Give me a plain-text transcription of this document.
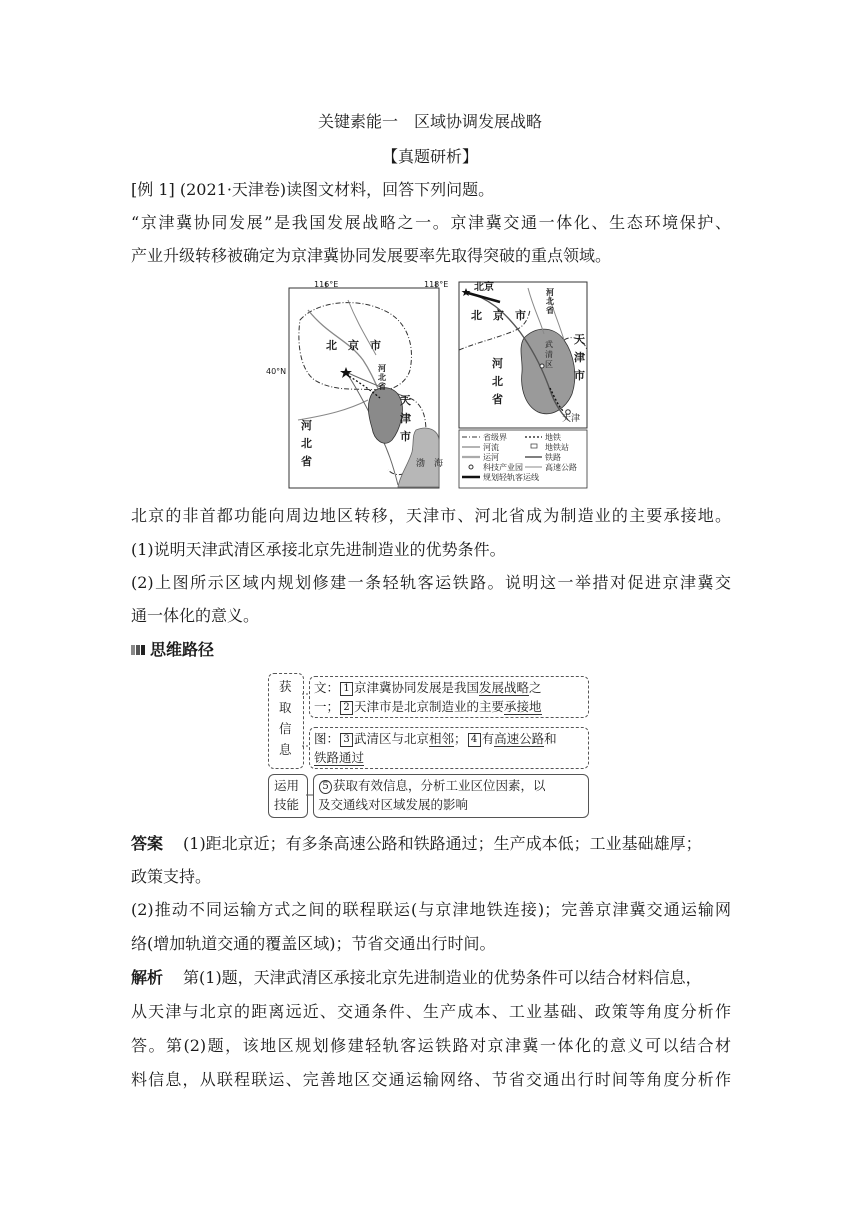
关键素能一　区域协调发展战略
【真题研析】
[例 1] (2021·天津卷)读图文材料，回答下列问题。
“京津冀协同发展”是我国发展战略之一。京津冀交通一体化、生态环境保护、
产业升级转移被确定为京津冀协同发展要率先取得突破的重点领域。
116°E	118°E
40°N
北　京　市
河
北
省
河
北
省
天
津
市
渤　海
北京
北　京　市
河
北
省
河
北
省
武
清
区
天
津
市
天津
省级界
河流
运河
科技产业园
规划轻轨客运线
地铁
地铁站
铁路
高速公路
北京的非首都功能向周边地区转移，天津市、河北省成为制造业的主要承接地。
(1)说明天津武清区承接北京先进制造业的优势条件。
(2)上图所示区域内规划修建一条轻轨客运铁路。说明这一举措对促进京津冀交
通一体化的意义。
思维路径
获
取
信
息
文： 1 京津冀协同发展是我国发展战略之
一； 2 天津市是北京制造业的主要承接地
图： 3 武清区与北京相邻； 4 有高速公路和
铁路通过
运用
技能
5 获取有效信息，分析工业区位因素，以
及交通线对区域发展的影响
答案 (1)距北京近；有多条高速公路和铁路通过；生产成本低；工业基础雄厚；
政策支持。
(2)推动不同运输方式之间的联程联运(与京津地铁连接)；完善京津冀交通运输网
络(增加轨道交通的覆盖区域)；节省交通出行时间。
解析 第(1)题，天津武清区承接北京先进制造业的优势条件可以结合材料信息，
从天津与北京的距离远近、交通条件、生产成本、工业基础、政策等角度分析作
答。第(2)题，该地区规划修建轻轨客运铁路对京津冀一体化的意义可以结合材
料信息，从联程联运、完善地区交通运输网络、节省交通出行时间等角度分析作
